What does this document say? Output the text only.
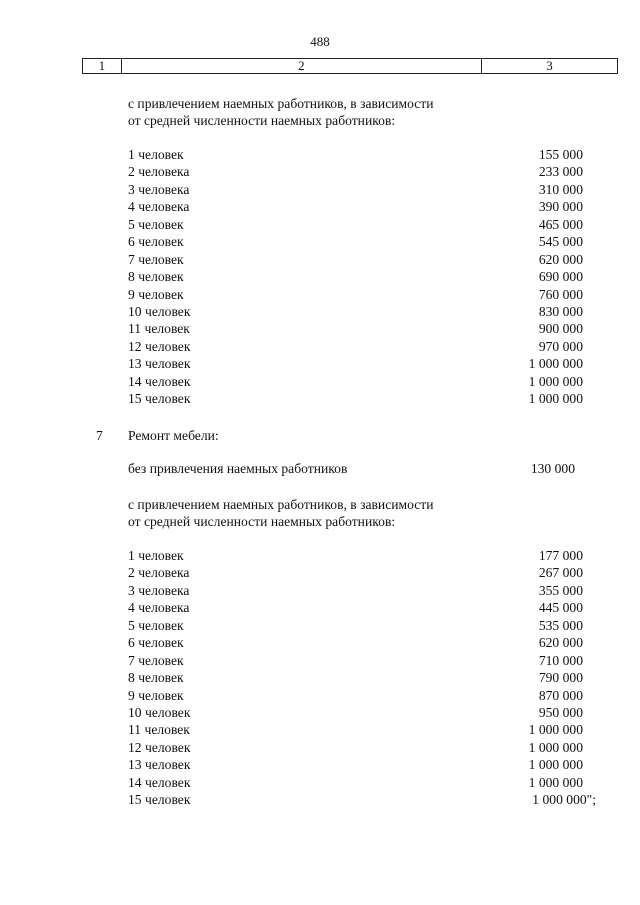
488
1	2	3

с привлечением наемных работников, в зависимости

от средней численности наемных работников:

1 человек	155 000
2 человека	233 000
3 человека	310 000
4 человека	390 000
5 человек	465 000
6 человек	545 000
7 человек	620 000
8 человек	690 000
9 человек	760 000
10 человек	830 000
11 человек	900 000
12 человек	970 000
13 человек	1 000 000
14 человек	1 000 000
15 человек	1 000 000
7 Ремонт мебели:
без привлечения наемных работников	130 000

с привлечением наемных работников, в зависимости

от средней численности наемных работников:

1 человек	177 000
2 человека	267 000
3 человека	355 000
4 человека	445 000
5 человек	535 000
6 человек	620 000
7 человек	710 000
8 человек	790 000
9 человек	870 000
10 человек	950 000
11 человек	1 000 000
12 человек	1 000 000
13 человек	1 000 000
14 человек	1 000 000
15 человек	1 000 000";
